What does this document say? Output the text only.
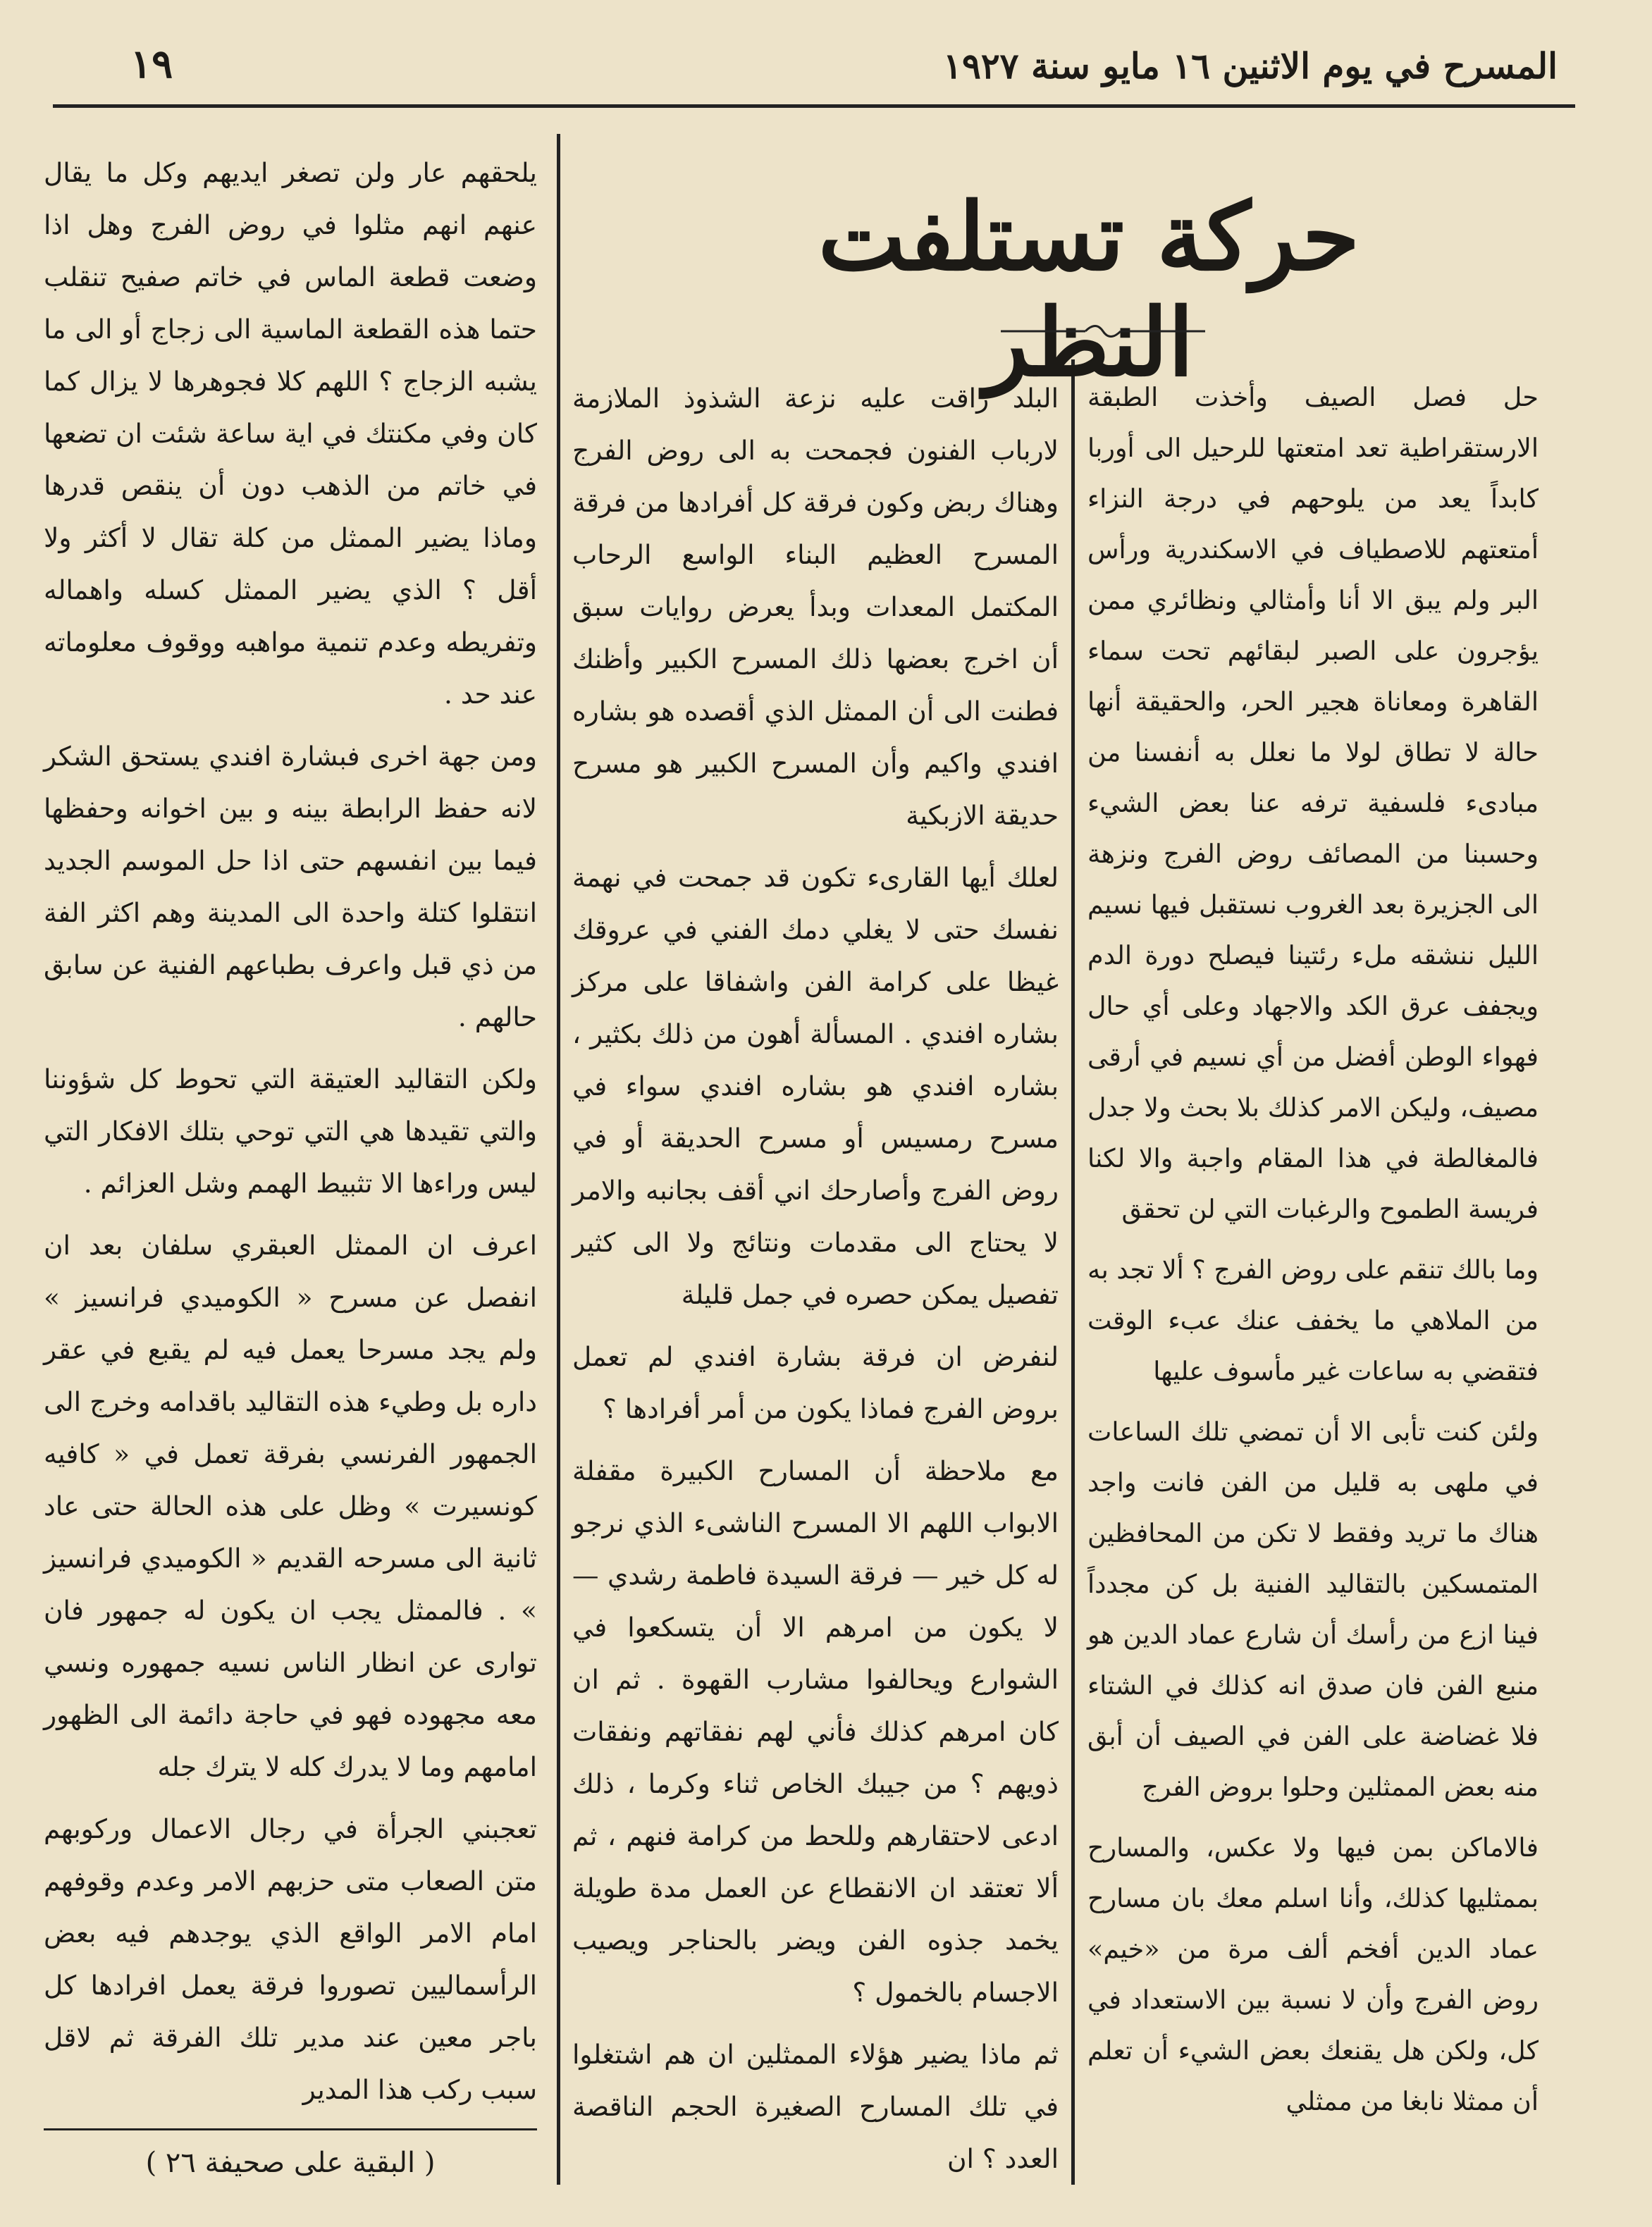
١٩	المسرح في يوم الاثنين ١٦ مايو سنة ١٩٢٧
حركة تستلفت النظر

حل فصل الصيف وأخذت الطبقة الارستقراطية تعد امتعتها للرحيل الى أوربا كابداً يعد من يلوحهم في درجة النزاء أمتعتهم للاصطياف في الاسكندرية ورأس البر ولم يبق الا أنا وأمثالي ونظائري ممن يؤجرون على الصبر لبقائهم تحت سماء القاهرة ومعاناة هجير الحر، والحقيقة أنها حالة لا تطاق لولا ما نعلل به أنفسنا من مبادىء فلسفية ترفه عنا بعض الشيء وحسبنا من المصائف روض الفرج ونزهة الى الجزيرة بعد الغروب نستقبل فيها نسيم الليل ننشقه ملء رئتينا فيصلح دورة الدم ويجفف عرق الكد والاجهاد وعلى أي حال فهواء الوطن أفضل من أي نسيم في أرقى مصيف، وليكن الامر كذلك بلا بحث ولا جدل فالمغالطة في هذا المقام واجبة والا لكنا فريسة الطموح والرغبات التي لن تحقق

وما بالك تنقم على روض الفرج ؟ ألا تجد به من الملاهي ما يخفف عنك عبء الوقت فتقضي به ساعات غير مأسوف عليها

ولئن كنت تأبى الا أن تمضي تلك الساعات في ملهى به قليل من الفن فانت واجد هناك ما تريد وفقط لا تكن من المحافظين المتمسكين بالتقاليد الفنية بل كن مجدداً فينا ازع من رأسك أن شارع عماد الدين هو منبع الفن فان صدق انه كذلك في الشتاء فلا غضاضة على الفن في الصيف أن أبق منه بعض الممثلين وحلوا بروض الفرج

فالاماكن بمن فيها ولا عكس، والمسارح بممثليها كذلك، وأنا اسلم معك بان مسارح عماد الدين أفخم ألف مرة من «خيم» روض الفرج وأن لا نسبة بين الاستعداد في كل، ولكن هل يقنعك بعض الشيء أن تعلم أن ممثلا نابغا من ممثلي

البلد راقت عليه نزعة الشذوذ الملازمة لارباب الفنون فجمحت به الى روض الفرج وهناك ربض وكون فرقة كل أفرادها من فرقة المسرح العظيم البناء الواسع الرحاب المكتمل المعدات وبدأ يعرض روايات سبق أن اخرج بعضها ذلك المسرح الكبير وأظنك فطنت الى أن الممثل الذي أقصده هو بشاره افندي واكيم وأن المسرح الكبير هو مسرح حديقة الازبكية

لعلك أيها القارىء تكون قد جمحت في نهمة نفسك حتى لا يغلي دمك الفني في عروقك غيظا على كرامة الفن واشفاقا على مركز بشاره افندي . المسألة أهون من ذلك بكثير ، بشاره افندي هو بشاره افندي سواء في مسرح رمسيس أو مسرح الحديقة أو في روض الفرج وأصارحك اني أقف بجانبه والامر لا يحتاج الى مقدمات ونتائج ولا الى كثير تفصيل يمكن حصره في جمل قليلة

لنفرض ان فرقة بشارة افندي لم تعمل بروض الفرج فماذا يكون من أمر أفرادها ؟

مع ملاحظة أن المسارح الكبيرة مقفلة الابواب اللهم الا المسرح الناشىء الذي نرجو له كل خير — فرقة السيدة فاطمة رشدي — لا يكون من امرهم الا أن يتسكعوا في الشوارع ويحالفوا مشارب القهوة . ثم ان كان امرهم كذلك فأني لهم نفقاتهم ونفقات ذويهم ؟ من جيبك الخاص ثناء وكرما ، ذلك ادعى لاحتقارهم وللحط من كرامة فنهم ، ثم ألا تعتقد ان الانقطاع عن العمل مدة طويلة يخمد جذوه الفن ويضر بالحناجر ويصيب الاجسام بالخمول ؟

ثم ماذا يضير هؤلاء الممثلين ان هم اشتغلوا في تلك المسارح الصغيرة الحجم الناقصة العدد ؟ ان

يلحقهم عار ولن تصغر ايديهم وكل ما يقال عنهم انهم مثلوا في روض الفرج وهل اذا وضعت قطعة الماس في خاتم صفيح تنقلب حتما هذه القطعة الماسية الى زجاج أو الى ما يشبه الزجاج ؟ اللهم كلا فجوهرها لا يزال كما كان وفي مكنتك في اية ساعة شئت ان تضعها في خاتم من الذهب دون أن ينقص قدرها وماذا يضير الممثل من كلة تقال لا أكثر ولا أقل ؟ الذي يضير الممثل كسله واهماله وتفريطه وعدم تنمية مواهبه ووقوف معلوماته عند حد .

ومن جهة اخرى فبشارة افندي يستحق الشكر لانه حفظ الرابطة بينه و بين اخوانه وحفظها فيما بين انفسهم حتى اذا حل الموسم الجديد انتقلوا كتلة واحدة الى المدينة وهم اكثر الفة من ذي قبل واعرف بطباعهم الفنية عن سابق حالهم .

ولكن التقاليد العتيقة التي تحوط كل شؤوننا والتي تقيدها هي التي توحي بتلك الافكار التي ليس وراءها الا تثبيط الهمم وشل العزائم .

اعرف ان الممثل العبقري سلفان بعد ان انفصل عن مسرح « الكوميدي فرانسيز » ولم يجد مسرحا يعمل فيه لم يقبع في عقر داره بل وطيء هذه التقاليد باقدامه وخرج الى الجمهور الفرنسي بفرقة تعمل في « كافيه كونسيرت » وظل على هذه الحالة حتى عاد ثانية الى مسرحه القديم « الكوميدي فرانسيز » . فالممثل يجب ان يكون له جمهور فان توارى عن انظار الناس نسيه جمهوره ونسي معه مجهوده فهو في حاجة دائمة الى الظهور امامهم وما لا يدرك كله لا يترك جله

تعجبني الجرأة في رجال الاعمال وركوبهم متن الصعاب متى حزبهم الامر وعدم وقوفهم امام الامر الواقع الذي يوجدهم فيه بعض الرأسماليين تصوروا فرقة يعمل افرادها كل باجر معين عند مدير تلك الفرقة ثم لاقل سبب ركب هذا المدير

( البقية على صحيفة ٢٦ )
